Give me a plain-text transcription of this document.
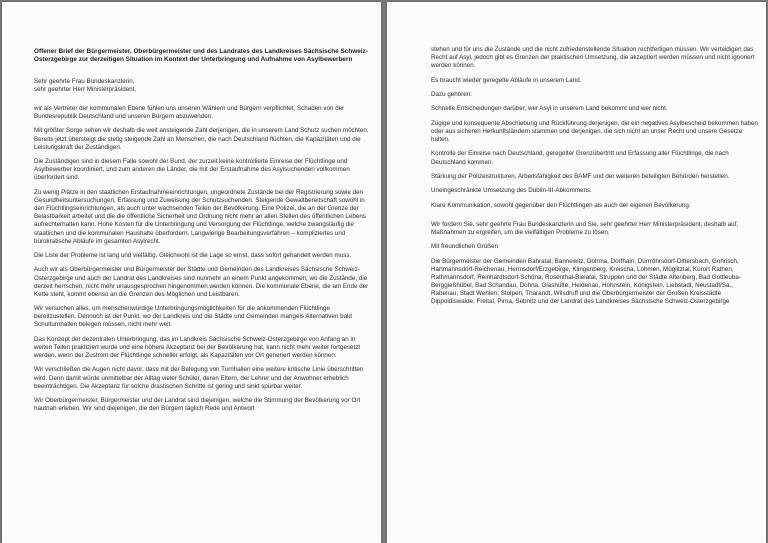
Offener Brief der Bürgermeister, Oberbürgermeister und des Landrates des Landkreises Sächsische Schweiz-Osterzgebirge zur derzeitigen Situation im Kontext der Unterbringung und Aufnahme von Asylbewerbern

Sehr geehrte Frau Bundeskanzlerin,

sehr geehrter Herr Ministerpräsident,

wir als Vertreter der kommunalen Ebene fühlen uns unseren Wählern und Bürgern verpflichtet, Schaden von der Bundesrepublik Deutschland und unseren Bürgern abzuwenden.

Mit größter Sorge sehen wir deshalb die weit ansteigende Zahl derjenigen, die in unserem Land Schutz suchen möchten. Bereits jetzt übersteigt die stetig steigende Zahl an Menschen, die nach Deutschland flüchten, die Kapazitäten und die Leistungskraft der Zuständigen.

Die Zuständigen sind in diesem Falle sowohl der Bund, der zurzeit keine kontrollierte Einreise der Flüchtlinge und Asylbewerber koordiniert, und zum anderen die Länder, die mit der Erstaufnahme des Asylsuchenden vollkommen überfordert sind.

Zu wenig Plätze in den staatlichen Erstaufnahmeeinrichtungen, ungeordnete Zustände bei der Registrierung sowie den Gesundheitsuntersuchungen, Erfassung und Zuweisung der Schutzsuchenden. Steigende Gewaltbereitschaft sowohl in den Flüchtlingseinrichtungen, als auch unter wachsenden Teilen der Bevölkerung. Eine Polizei, die an der Grenze der Belastbarkeit arbeitet und die die öffentliche Sicherheit und Ordnung nicht mehr an allen Stellen des öffentlichen Lebens aufrechterhalten kann. Hohe Kosten für die Unterbringung und Versorgung der Flüchtlinge, welche zwangsläufig die staatlichen und die kommunalen Haushalte überfordern. Langwierige Bearbeitungsverfahren – kompliziertes und bürokratische Abläufe im gesamten Asylrecht.

Die Liste der Probleme ist lang und vielfältig. Gleichwohl ist die Lage so ernst, dass sofort gehandelt werden muss.

Auch wir als Oberbürgermeister und Bürgermeister der Städte und Gemeinden des Landkreises Sächsische Schweiz-Osterzgebirge und auch der Landrat des Landkreises sind nunmehr an einem Punkt angekommen, wo die Zustände, die derzeit herrschen, nicht mehr unausgesprochen hingenommen werden können. Die kommunale Ebene, die am Ende der Kette steht, kommt ebenso an die Grenzen des Möglichen und Leistbaren.

Wir versuchen alles, um menschenwürdige Unterbringungsmöglichkeiten für die ankommenden Flüchtlinge bereitzustellen. Dennoch ist der Punkt, wo der Landkreis und die Städte und Gemeinden mangels Alternativen bald Schulturnhallen belegen müssen, nicht mehr weit.

Das Konzept der dezentralen Unterbringung, das im Landkreis Sächsische Schweiz-Osterzgebirge von Anfang an in weiten Teilen praktiziert wurde und eine höhere Akzeptanz bei der Bevölkerung hat, kann nicht mehr weiter fortgesetzt werden, wenn der Zustrom der Flüchtlinge schneller erfolgt, als Kapazitäten vor Ort generiert werden können.

Wir verschließen die Augen nicht davor, dass mit der Belegung von Turnhallen eine weitere kritische Linie überschritten wird. Denn damit würde unmittelbar der Alltag vieler Schüler, deren Eltern, der Lehrer und der Anwohner erheblich beeinträchtigen. Die Akzeptanz für solche drastischen Schritte ist gering und sinkt spürbar weiter.

Wir Oberbürgermeister, Bürgermeister und der Landrat sind diejenigen, welche die Stimmung der Bevölkerung vor Ort hautnah erleben. Wir sind diejenigen, die den Bürgern täglich Rede und Antwort

stehen und für uns die Zustände und die nicht zufriedenstellende Situation rechtfertigen müssen. Wir verteidigen das Recht auf Asyl, jedoch gibt es Grenzen der praktischen Umsetzung, die akzeptiert werden müssen und nicht ignoriert werden können.

Es braucht wieder geregelte Abläufe in unserem Land.

Dazu gehören:

Schnelle Entscheidungen darüber, wer Asyl in unserem Land bekommt und wer nicht.

Zügige und konsequente Abschiebung und Rückführung derjenigen, die ein negatives Asylbescheid bekommen haben oder aus sicheren Herkunftsländern stammen und derjenigen, die sich nicht an unser Recht und unsere Gesetze halten.

Kontrolle der Einreise nach Deutschland, geregelter Grenzübertritt und Erfassung aller Flüchtlinge, die nach Deutschland kommen.

Stärkung der Polizeistrukturen, Arbeitsfähigkeit des BAMF und der weiteren beteiligten Behörden herstellen.

Uneingeschränkte Umsetzung des Dublin-III-Abkommens.

Klare Kommunikation, sowohl gegenüber den Flüchtlingen als auch der eigenen Bevölkerung.

Wir fordern Sie, sehr geehrte Frau Bundeskanzlerin und Sie, sehr geehrter Herr Ministerpräsident, deshalb auf, Maßnahmen zu ergreifen, um die vielfältigen Probleme zu lösen.

Mit freundlichen Grüßen

Die Bürgermeister der Gemeinden Bahratal, Bannewitz, Dohma, Dorfhain, Dürrröhrsdorf-Dittersbach, Gohrisch, Hartmannsdorf-Reichenau, Hermsdorf/Erzgebirge, Klingenberg, Kreischa, Lohmen, Müglitztal, Kurort Rathen, Rathmannsdorf, Reinhardtsdorf-Schöna, Rosenthal-Bielatal, Struppen und der Städte Altenberg, Bad Gottleuba-Berggießhübel, Bad Schandau, Dohna, Glashütte, Heidenau, Hohnstein, Königstein, Liebstadt, Neustadt/Sa., Rabenau, Stadt Wehlen, Stolpen, Tharandt, Wilsdruff und die Oberbürgermeister der Großen Kreisstädte Dippoldiswalde, Freital, Pirna, Sebnitz und der Landrat des Landkreises Sächsische Schweiz-Osterzgebirge
